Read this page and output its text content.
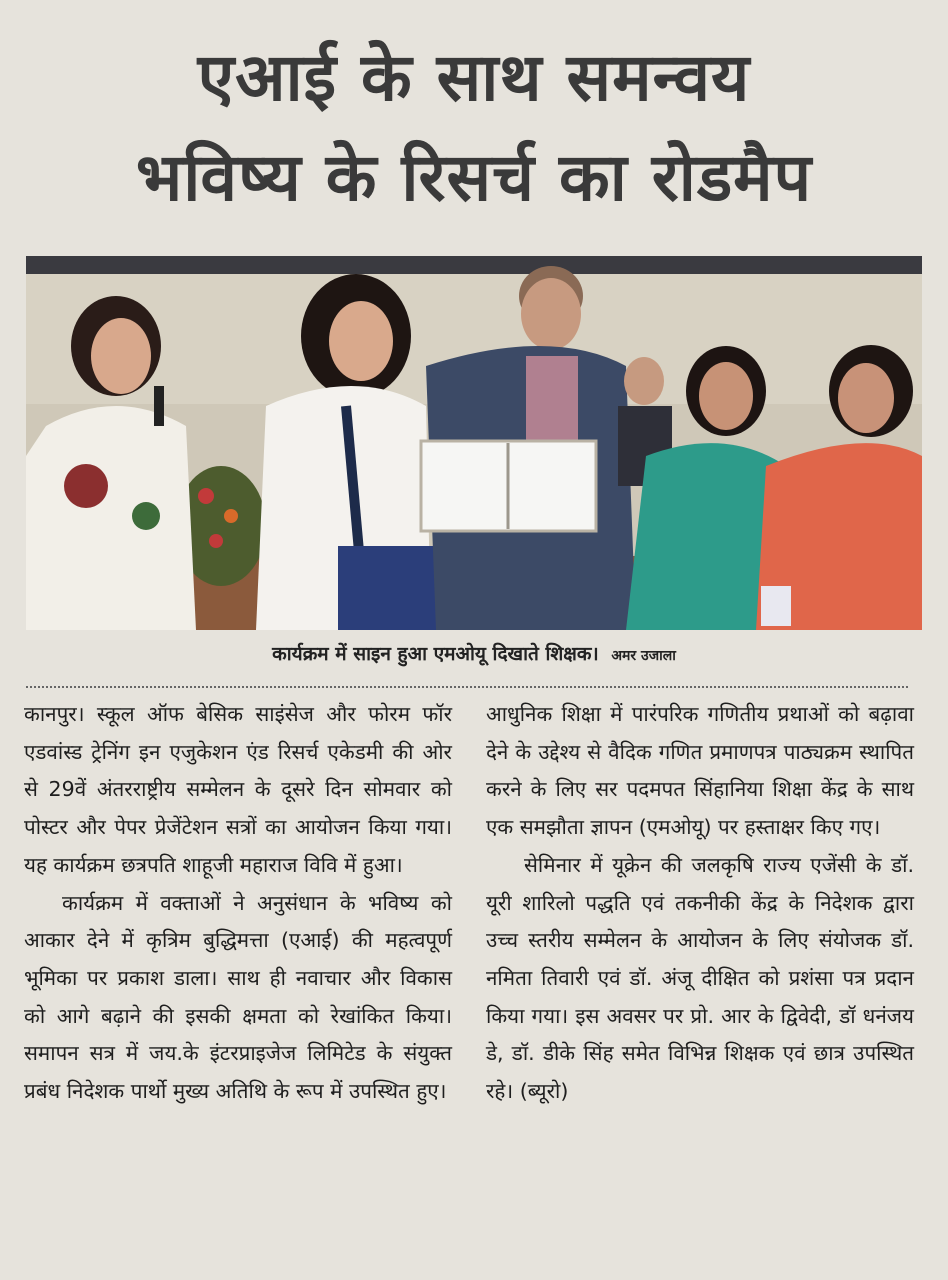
एआई के साथ समन्वय
भविष्य के रिसर्च का रोडमैप
कार्यक्रम में साइन हुआ एमओयू दिखाते शिक्षक। अमर उजाला

कानपुर। स्कूल ऑफ बेसिक साइंसेज और फोरम फॉर एडवांस्ड ट्रेनिंग इन एजुकेशन एंड रिसर्च एकेडमी की ओर से 29वें अंतरराष्ट्रीय सम्मेलन के दूसरे दिन सोमवार को पोस्टर और पेपर प्रेजेंटेशन सत्रों का आयोजन किया गया। यह कार्यक्रम छत्रपति शाहूजी महाराज विवि में हुआ।

कार्यक्रम में वक्ताओं ने अनुसंधान के भविष्य को आकार देने में कृत्रिम बुद्धिमत्ता (एआई) की महत्वपूर्ण भूमिका पर प्रकाश डाला। साथ ही नवाचार और विकास को आगे बढ़ाने की इसकी क्षमता को रेखांकित किया। समापन सत्र में जय.के इंटरप्राइजेज लिमिटेड के संयुक्त प्रबंध निदेशक पार्थो मुख्य अतिथि के रूप में उपस्थित हुए।

आधुनिक शिक्षा में पारंपरिक गणितीय प्रथाओं को बढ़ावा देने के उद्देश्य से वैदिक गणित प्रमाणपत्र पाठ्यक्रम स्थापित करने के लिए सर पदमपत सिंहानिया शिक्षा केंद्र के साथ एक समझौता ज्ञापन (एमओयू) पर हस्ताक्षर किए गए।

सेमिनार में यूक्रेन की जलकृषि राज्य एजेंसी के डॉ. यूरी शारिलो पद्धति एवं तकनीकी केंद्र के निदेशक द्वारा उच्च स्तरीय सम्मेलन के आयोजन के लिए संयोजक डॉ. नमिता तिवारी एवं डॉ. अंजू दीक्षित को प्रशंसा पत्र प्रदान किया गया। इस अवसर पर प्रो. आर के द्विवेदी, डॉ धनंजय डे, डॉ. डीके सिंह समेत विभिन्न शिक्षक एवं छात्र उपस्थित रहे। (ब्यूरो)
